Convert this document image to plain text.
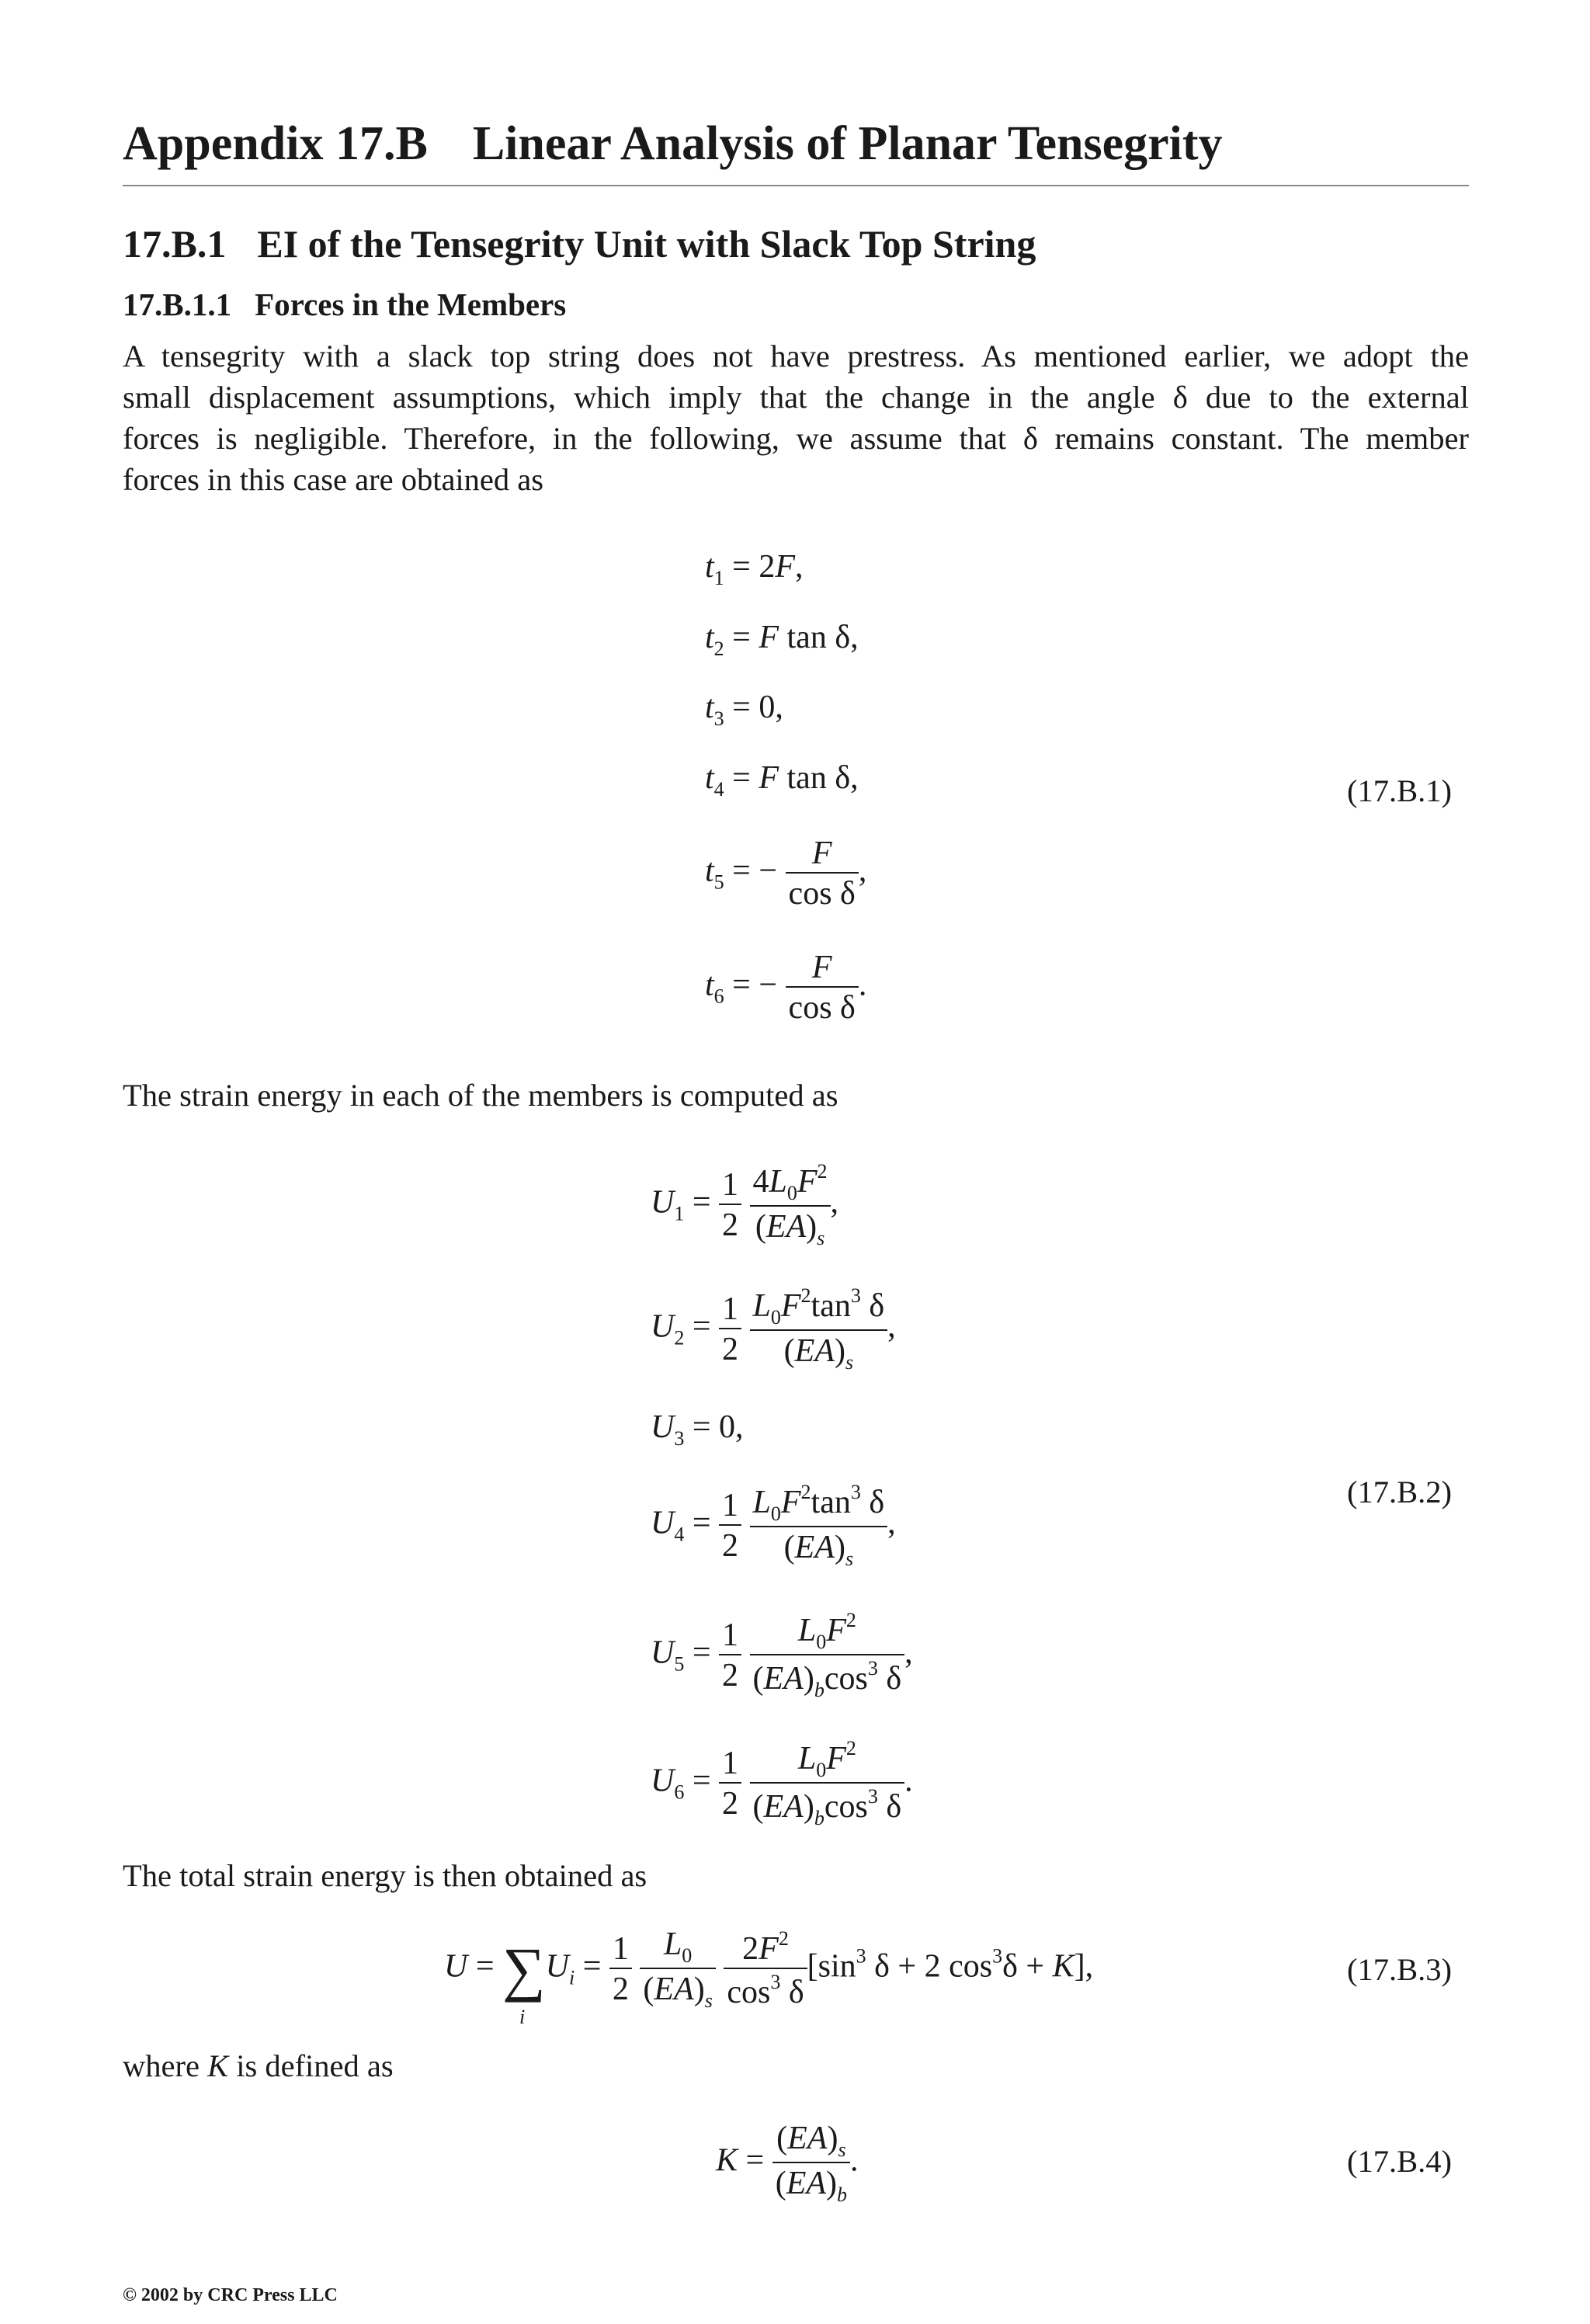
Appendix 17.B Linear Analysis of Planar Tensegrity
17.B.1 EI of the Tensegrity Unit with Slack Top String
17.B.1.1 Forces in the Members
A tensegrity with a slack top string does not have prestress. As mentioned earlier, we adopt the
small displacement assumptions, which imply that the change in the angle δ due to the external
forces is negligible. Therefore, in the following, we assume that δ remains constant. The member
forces in this case are obtained as
$t_1 = 2F$,
$t_2 = F$ tan δ,
$t_3 = 0$,
$t_4 = F$ tan δ,	(17.B.1)
$t_5$ = − $\frac{F}{\text{cos δ}}$ ,
$t_6$ = − $\frac{F}{\text{cos δ}}$ .
The strain energy in each of the members is computed as
$U_1 = \frac{1}{2}$
$\frac{4L_0F^2}{(EA)_s}$ ,
$U_2 = \frac{1}{2}$
$\frac{L_0F^2\tan^3 \delta}{(EA)_s}$ ,
$U_3 = 0$,
(17.B.2)
$U_4 = \frac{1}{2}$
$\frac{L_0F^2\tan^3 \delta}{(EA)_s}$ ,
$U_5 = \frac{1}{2}$
$\frac{L_0F^2}{(EA)_b\cos^3 \delta}$ ,
$U_6 = \frac{1}{2}$
$\frac{L_0F^2}{(EA)_b\cos^3 \delta}$ .
The total strain energy is then obtained as
U = ∑
i
$U_i = \frac{1}{2}$
$\frac{L_0}{(EA)_s}$
$\frac{2F^2}{\cos^3 \delta} [\sin^3$ δ + 2 $\cos^3\delta + K$],	(17.B.3)
where K is defined as
$K = \frac{(EA)_s}{(EA)_b}$ .	(17.B.4)
© 2002 by CRC Press LLC
